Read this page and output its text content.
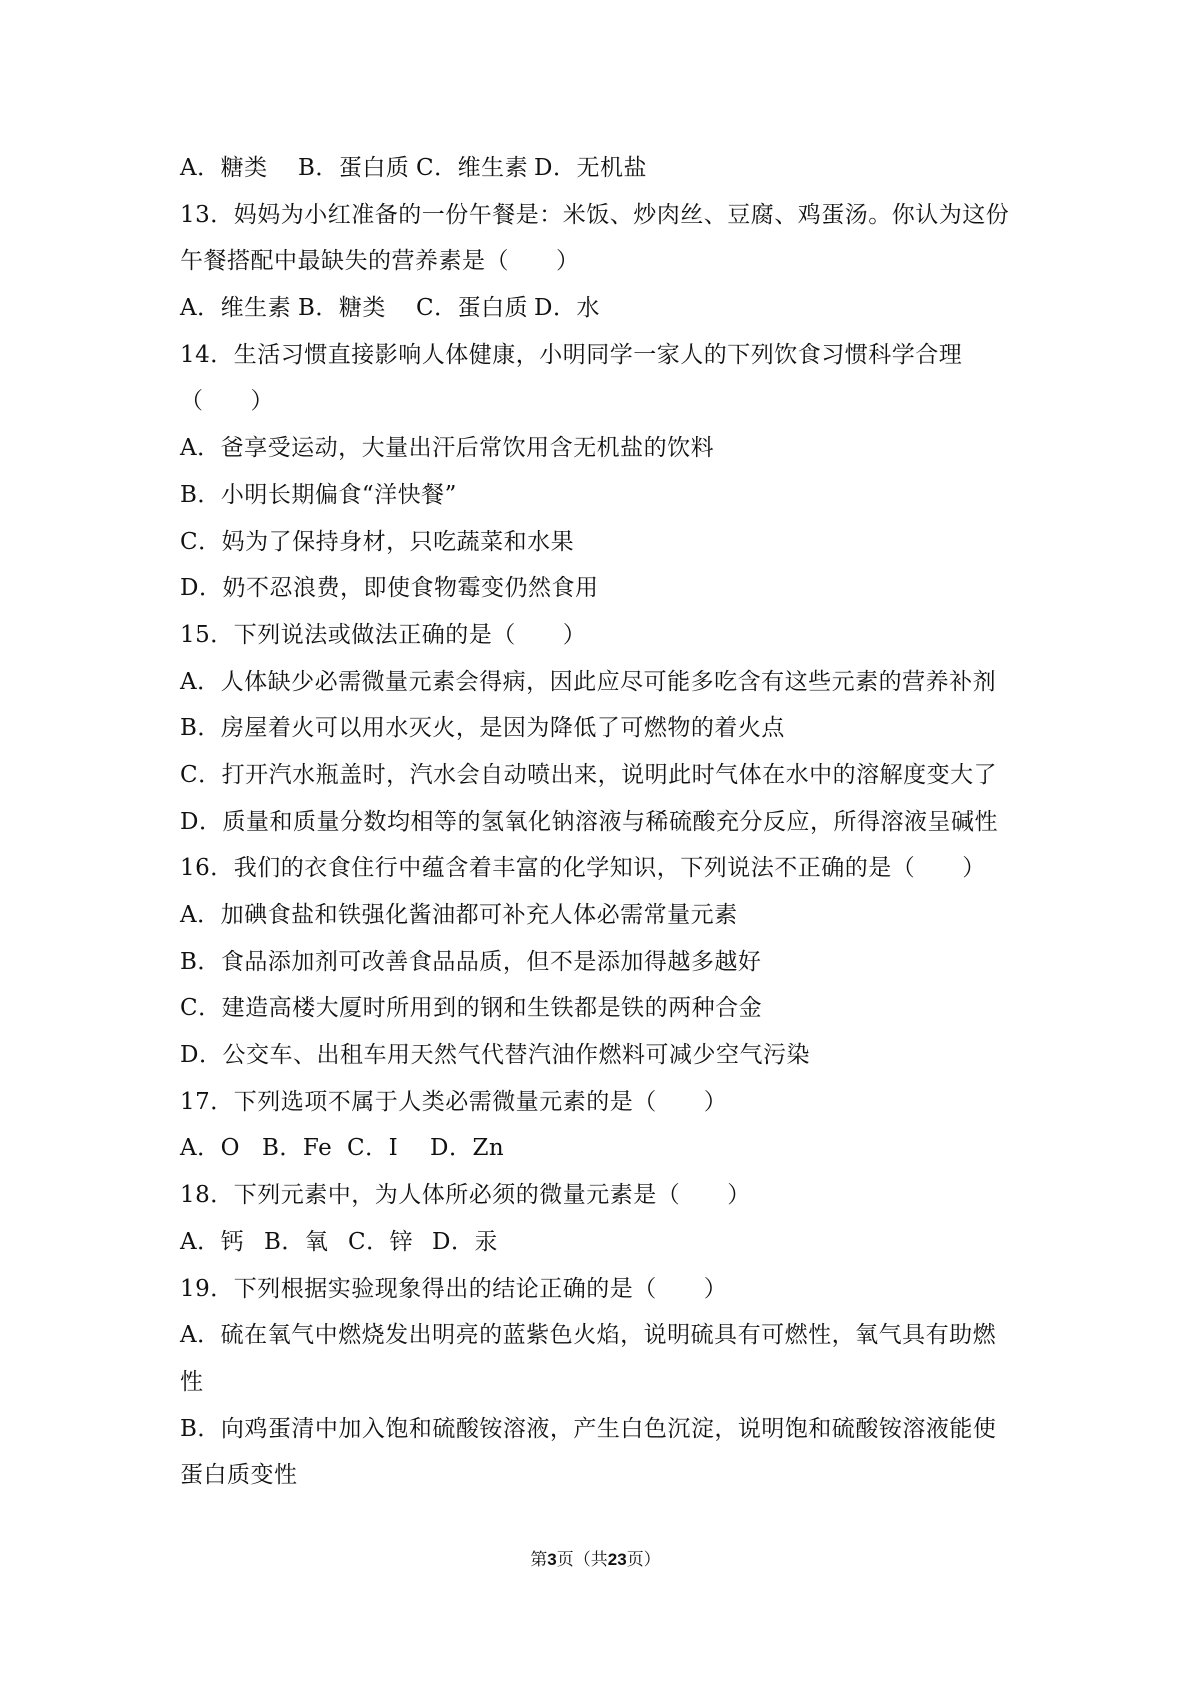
A．糖类	B．蛋白质 C．维生素 D．无机盐
13．妈妈为小红准备的一份午餐是：米饭、炒肉丝、豆腐、鸡蛋汤。你认为这份
午餐搭配中最缺失的营养素是（　　）
A．维生素 B．糖类	C．蛋白质 D．水
14．生活习惯直接影响人体健康，小明同学一家人的下列饮食习惯科学合理
（　　）
A．爸享受运动，大量出汗后常饮用含无机盐的饮料
B．小明长期偏食“洋快餐”
C．妈为了保持身材，只吃蔬菜和水果
D．奶不忍浪费，即使食物霉变仍然食用
15．下列说法或做法正确的是（　　）
A．人体缺少必需微量元素会得病，因此应尽可能多吃含有这些元素的营养补剂
B．房屋着火可以用水灭火，是因为降低了可燃物的着火点
C．打开汽水瓶盖时，汽水会自动喷出来，说明此时气体在水中的溶解度变大了
D．质量和质量分数均相等的氢氧化钠溶液与稀硫酸充分反应，所得溶液呈碱性
16．我们的衣食住行中蕴含着丰富的化学知识，下列说法不正确的是（　　）
A．加碘食盐和铁强化酱油都可补充人体必需常量元素
B．食品添加剂可改善食品品质，但不是添加得越多越好
C．建造高楼大厦时所用到的钢和生铁都是铁的两种合金
D．公交车、出租车用天然气代替汽油作燃料可减少空气污染
17．下列选项不属于人类必需微量元素的是（　　）
A．O B．Fe C．I	D．Zn
18．下列元素中，为人体所必须的微量元素是（　　）
A．钙 B．氧 C．锌 D．汞
19．下列根据实验现象得出的结论正确的是（　　）
A．硫在氧气中燃烧发出明亮的蓝紫色火焰，说明硫具有可燃性，氧气具有助燃
性
B．向鸡蛋清中加入饱和硫酸铵溶液，产生白色沉淀，说明饱和硫酸铵溶液能使
蛋白质变性
第3页（共23页）
